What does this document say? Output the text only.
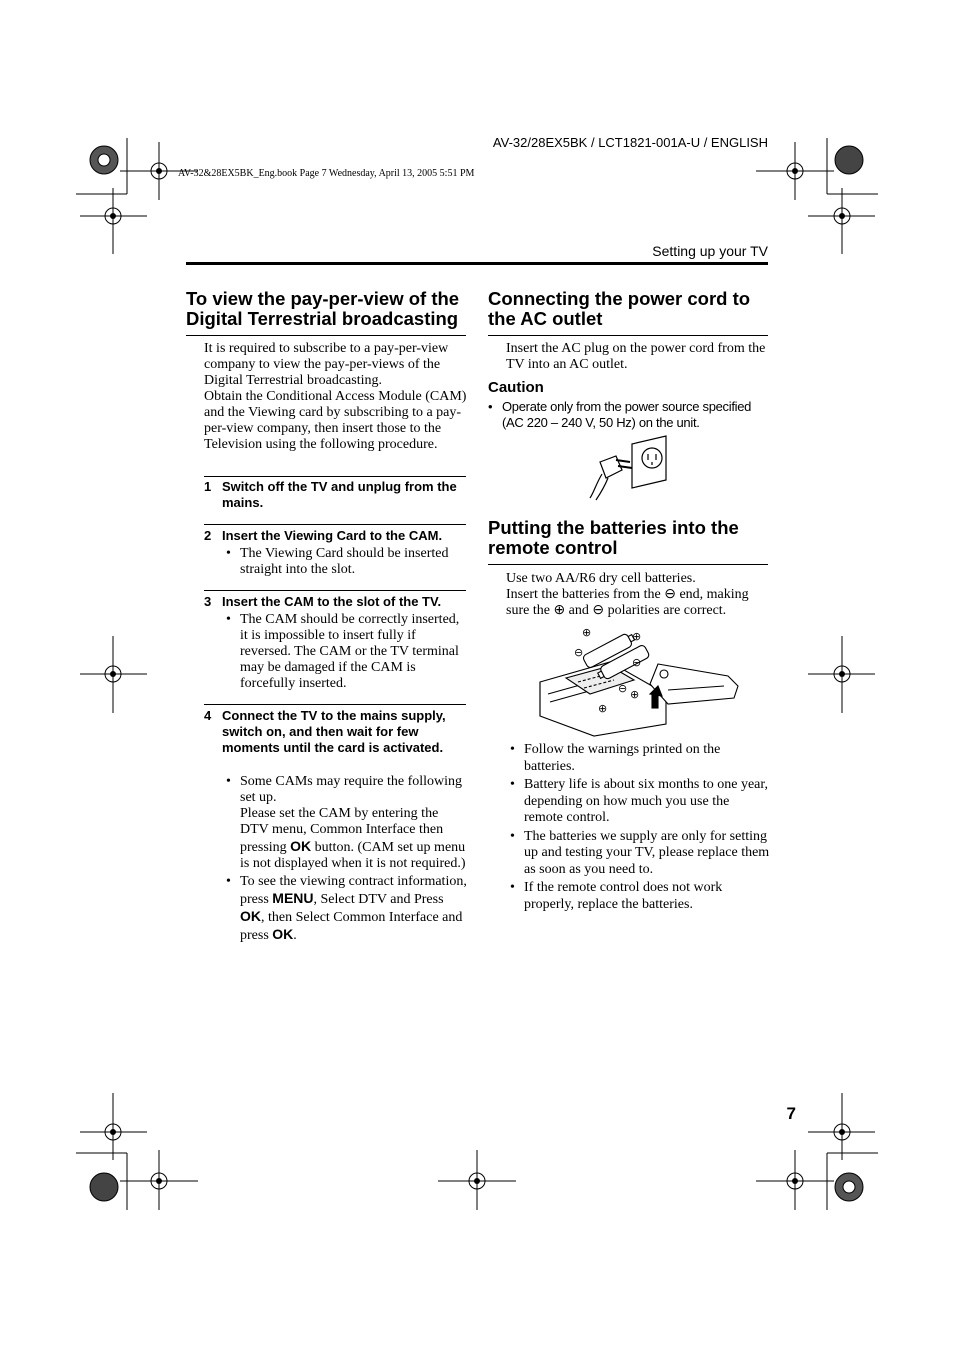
AV-32/28EX5BK / LCT1821-001A-U / ENGLISH
AV-32&28EX5BK_Eng.book Page 7 Wednesday, April 13, 2005 5:51 PM
Setting up your TV
To view the pay-per-view of the Digital Terrestrial broadcasting
It is required to subscribe to a pay-per-view company to view the pay-per-views of the Digital Terrestrial broadcasting.
Obtain the Conditional Access Module (CAM) and the Viewing card by subscribing to a pay-per-view company, then insert those to the Television using the following procedure.
1 Switch off the TV and unplug from the mains.
2 Insert the Viewing Card to the CAM.
• The Viewing Card should be inserted straight into the slot.
3 Insert the CAM to the slot of the TV.
• The CAM should be correctly inserted, it is impossible to insert fully if reversed. The CAM or the TV terminal may be damaged if the CAM is forcefully inserted.
4 Connect the TV to the mains supply, switch on, and then wait for few moments until the card is activated.
• Some CAMs may require the following set up.
Please set the CAM by entering the DTV menu, Common Interface then pressing OK button. (CAM set up menu is not displayed when it is not required.)
• To see the viewing contract information, press MENU, Select DTV and Press OK, then Select Common Interface and press OK.
Connecting the power cord to the AC outlet
Insert the AC plug on the power cord from the TV into an AC outlet.
Caution
• Operate only from the power source specified (AC 220 – 240 V, 50 Hz) on the unit.
Putting the batteries into the remote control
Use two AA/R6 dry cell batteries.
Insert the batteries from the ⊖ end, making sure the ⊕ and ⊖ polarities are correct.
⊕	⊕
⊖
⊖
⊖ ⊕
⊕
• Follow the warnings printed on the batteries.
• Battery life is about six months to one year, depending on how much you use the remote control.
• The batteries we supply are only for setting up and testing your TV, please replace them as soon as you need to.
• If the remote control does not work properly, replace the batteries.
7
